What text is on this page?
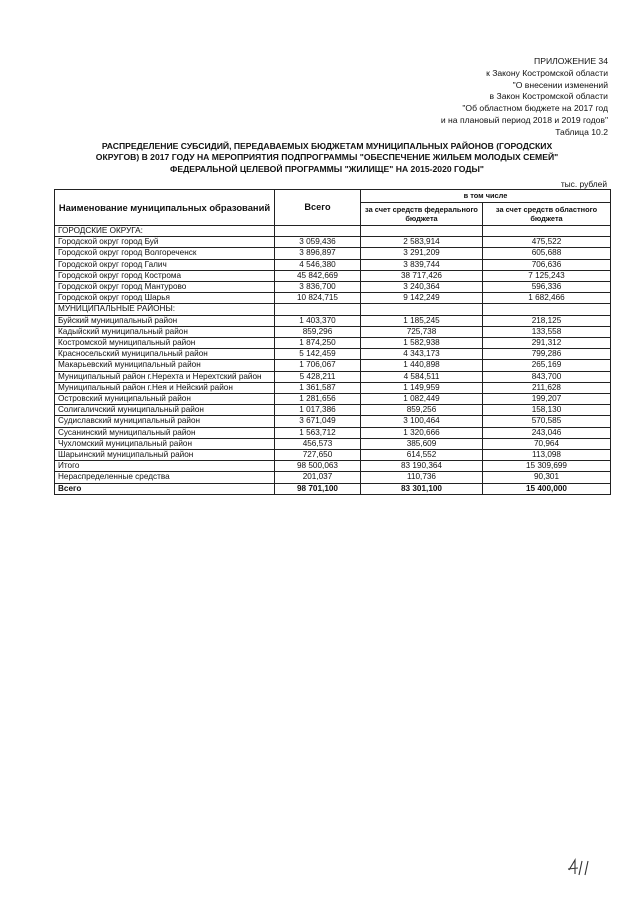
ПРИЛОЖЕНИЕ 34
к Закону Костромской области
"О внесении изменений
в Закон Костромской области
"Об областном бюджете на 2017 год
и на плановый период 2018 и 2019 годов"
Таблица 10.2
РАСПРЕДЕЛЕНИЕ СУБСИДИЙ, ПЕРЕДАВАЕМЫХ БЮДЖЕТАМ МУНИЦИПАЛЬНЫХ РАЙОНОВ (ГОРОДСКИХ
ОКРУГОВ) В 2017 ГОДУ НА МЕРОПРИЯТИЯ ПОДПРОГРАММЫ "ОБЕСПЕЧЕНИЕ ЖИЛЬЕМ МОЛОДЫХ СЕМЕЙ"
ФЕДЕРАЛЬНОЙ ЦЕЛЕВОЙ ПРОГРАММЫ "ЖИЛИЩЕ" НА 2015-2020 ГОДЫ"
тыс. рублей
Наименование муниципальных образований	Всего	в том числе	
		за счет средств федерального бюджета	за счет средств областного бюджета
ГОРОДСКИЕ ОКРУГА:			
Городской округ город Буй	3 059,436	2 583,914	475,522
Городской округ город Волгореченск	3 896,897	3 291,209	605,688
Городской округ город Галич	4 546,380	3 839,744	706,636
Городской округ город Кострома	45 842,669	38 717,426	7 125,243
Городской округ город Мантурово	3 836,700	3 240,364	596,336
Городской округ город Шарья	10 824,715	9 142,249	1 682,466
МУНИЦИПАЛЬНЫЕ РАЙОНЫ:			
Буйский муниципальный район	1 403,370	1 185,245	218,125
Кадыйский муниципальный район	859,296	725,738	133,558
Костромской муниципальный район	1 874,250	1 582,938	291,312
Красносельский муниципальный район	5 142,459	4 343,173	799,286
Макарьевский муниципальный район	1 706,067	1 440,898	265,169
Муниципальный район г.Нерехта и Нерехтский район	5 428,211	4 584,511	843,700
Муниципальный район г.Нея и Нейский район	1 361,587	1 149,959	211,628
Островский муниципальный район	1 281,656	1 082,449	199,207
Солигаличский муниципальный район	1 017,386	859,256	158,130
Судиславский муниципальный район	3 671,049	3 100,464	570,585
Сусанинский муниципальный район	1 563,712	1 320,666	243,046
Чухломский муниципальный район	456,573	385,609	70,964
Шарьинский муниципальный район	727,650	614,552	113,098
Итого	98 500,063	83 190,364	15 309,699
Нераспределенные средства	201,037	110,736	90,301
Всего	98 701,100	83 301,100	15 400,000
